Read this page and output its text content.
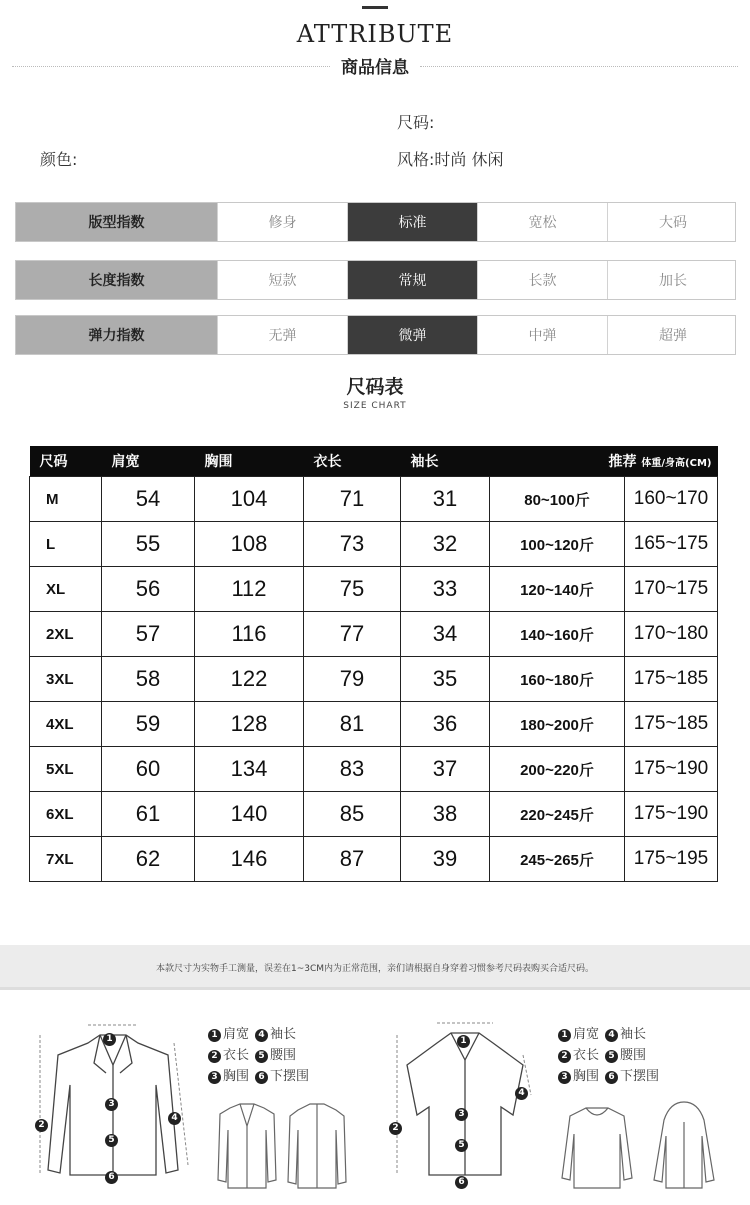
ATTRIBUTE
商品信息
尺码:
颜色:	风格:时尚 休闲
版型指数	修身	标准	宽松	大码
长度指数	短款	常规	长款	加长
弹力指数	无弹	微弹	中弹	超弹
尺码表
SIZE CHART
尺码	肩宽	胸围	衣长	袖长	推荐 体重/身高(CM)	
M	54	104	71	31	80~100斤	160~170
L	55	108	73	32	100~120斤	165~175
XL	56	112	75	33	120~140斤	170~175
2XL	57	116	77	34	140~160斤	170~180
3XL	58	122	79	35	160~180斤	175~185
4XL	59	128	81	36	180~200斤	175~185
5XL	60	134	83	37	200~220斤	175~190
6XL	61	140	85	38	220~245斤	175~190
7XL	62	146	87	39	245~265斤	175~195
本款尺寸为实物手工测量，误差在1~3CM内为正常范围，亲们请根据自身穿着习惯参考尺码表购买合适尺码。
1
2
3
4
5
6
1 肩宽 4 袖长
2 衣长 5 腰围
3 胸围 6 下摆围
1
2
3
4
5
6
1 肩宽 4 袖长
2 衣长 5 腰围
3 胸围 6 下摆围
